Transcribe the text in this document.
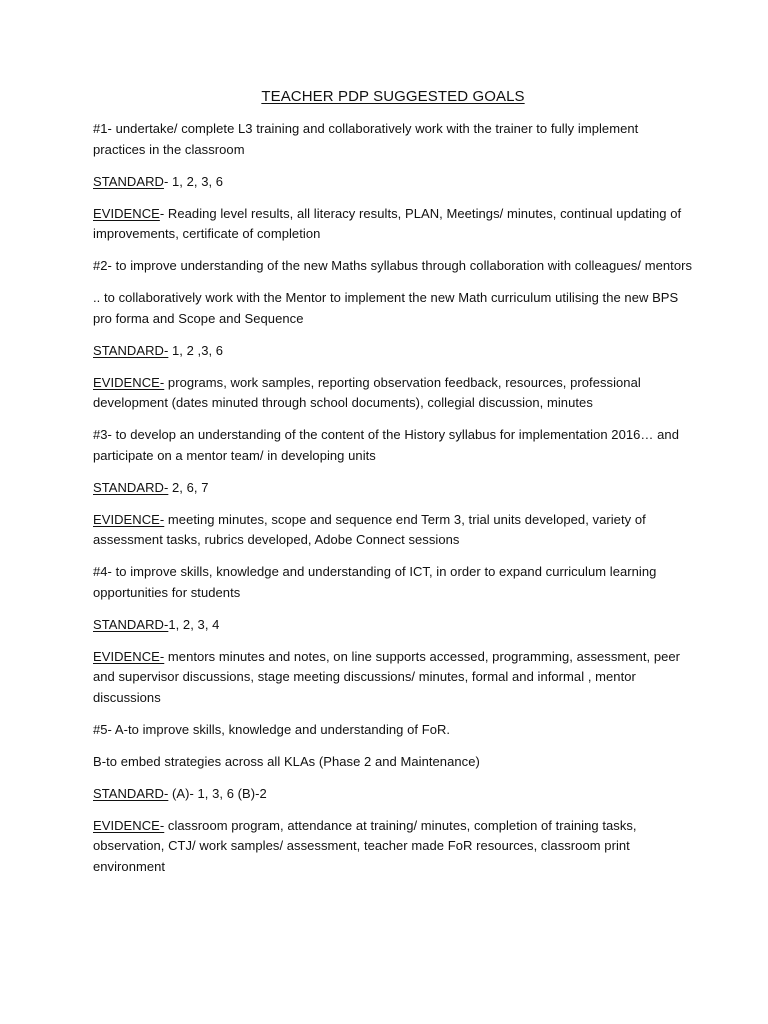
TEACHER PDP SUGGESTED GOALS

#1- undertake/ complete L3 training and collaboratively work with the trainer to fully implement practices in the classroom

STANDARD- 1, 2, 3, 6

EVIDENCE- Reading level results, all literacy results, PLAN, Meetings/ minutes, continual updating of improvements, certificate of completion

#2- to improve understanding of the new Maths syllabus through collaboration with colleagues/ mentors

.. to collaboratively work with the Mentor to implement the new Math curriculum utilising the new BPS pro forma and Scope and Sequence

STANDARD- 1, 2 ,3, 6

EVIDENCE- programs, work samples, reporting observation feedback, resources, professional development (dates minuted through school documents), collegial discussion, minutes

#3- to develop an understanding of the content of the History syllabus for implementation 2016… and participate on a mentor team/ in developing units

STANDARD- 2, 6, 7

EVIDENCE- meeting minutes, scope and sequence end Term 3, trial units developed, variety of assessment tasks, rubrics developed, Adobe Connect sessions

#4- to improve skills, knowledge and understanding of ICT, in order to expand curriculum learning opportunities for students

STANDARD-1, 2, 3, 4

EVIDENCE- mentors minutes and notes, on line supports accessed, programming, assessment, peer and supervisor discussions, stage meeting discussions/ minutes, formal and informal , mentor discussions

#5- A-to improve skills, knowledge and understanding of FoR.

B-to embed strategies across all KLAs (Phase 2 and Maintenance)

STANDARD- (A)- 1, 3, 6 (B)-2

EVIDENCE- classroom program, attendance at training/ minutes, completion of training tasks, observation, CTJ/ work samples/ assessment, teacher made FoR resources, classroom print environment
